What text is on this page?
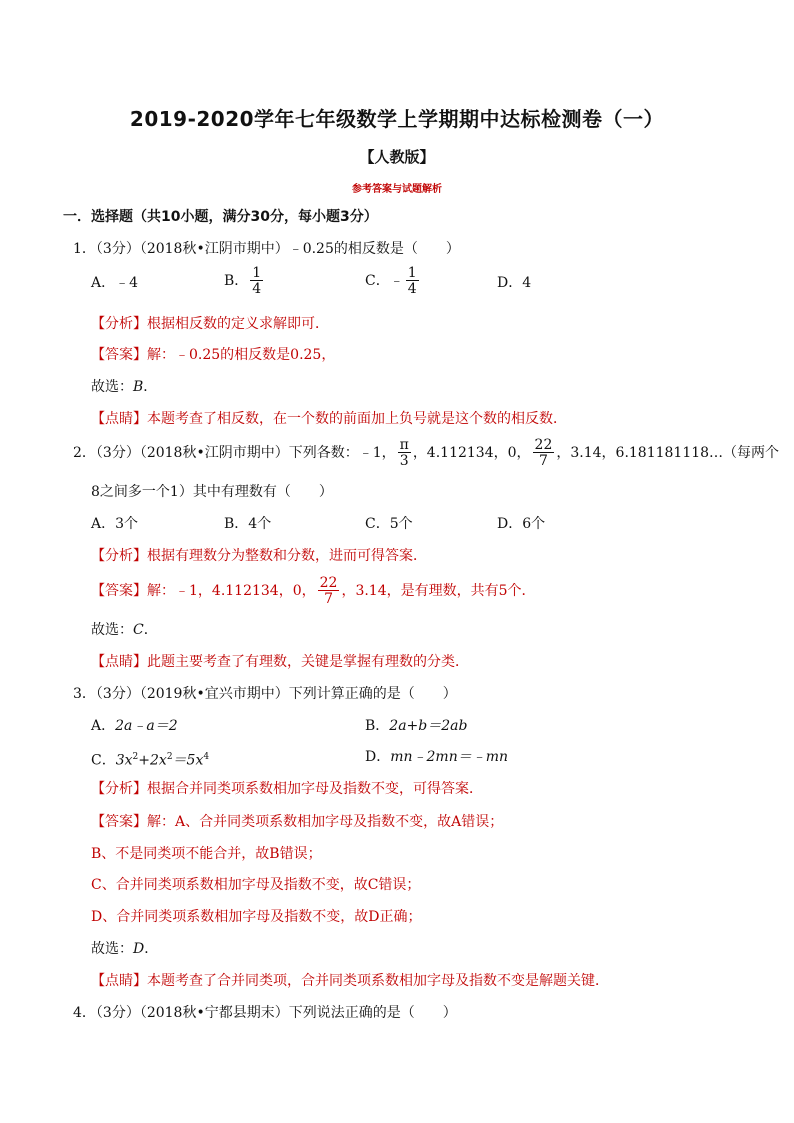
2019-2020学年七年级数学上学期期中达标检测卷（一）
【人教版】
参考答案与试题解析
一．选择题（共10小题，满分30分，每小题3分）
1．（3分）（2018秋•江阴市期中）﹣0.25的相反数是（　　）
A．﹣4	B． $\frac{1}{4}$	C．﹣ $\frac{1}{4}$	D．4
【分析】根据相反数的定义求解即可．
【答案】解：﹣0.25的相反数是0.25，
故选：B．
【点睛】本题考查了相反数，在一个数的前面加上负号就是这个数的相反数．
2．（3分）（2018秋•江阴市期中）下列各数：﹣1， $\frac{\pi}{3}$ ，4.112134，0， $\frac{22}{7}$ ，3.14，6.181181118…（每两个
8之间多一个1）其中有理数有（　　）
A．3个	B．4个	C．5个	D．6个
【分析】根据有理数分为整数和分数，进而可得答案．
【答案】解：﹣1，4.112134，0， $\frac{22}{7}$ ，3.14，是有理数，共有5个．
故选：C．
【点睛】此题主要考查了有理数，关键是掌握有理数的分类．
3．（3分）（2019秋•宜兴市期中）下列计算正确的是（　　）
A．2a﹣a＝2	B．2a+b＝2ab
C．$3x^2+2x^2=5x^4$	D．mn﹣2mn＝﹣mn
【分析】根据合并同类项系数相加字母及指数不变，可得答案．
【答案】解：A、合并同类项系数相加字母及指数不变，故A错误；
B、不是同类项不能合并，故B错误；
C、合并同类项系数相加字母及指数不变，故C错误；
D、合并同类项系数相加字母及指数不变，故D正确；
故选：D．
【点睛】本题考查了合并同类项，合并同类项系数相加字母及指数不变是解题关键．
4．（3分）（2018秋•宁都县期末）下列说法正确的是（　　）
